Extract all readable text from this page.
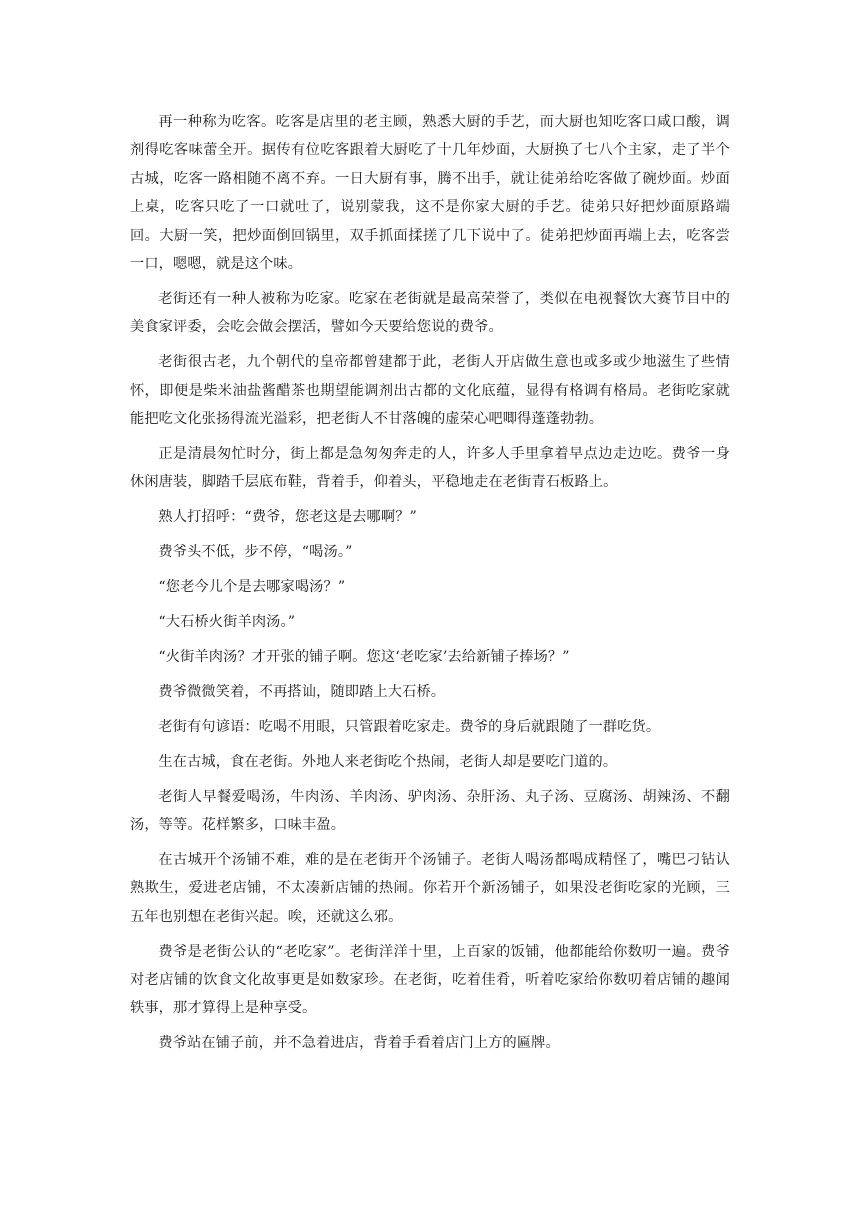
再一种称为吃客。吃客是店里的老主顾，熟悉大厨的手艺，而大厨也知吃客口咸口酸，调剂得吃客味蕾全开。据传有位吃客跟着大厨吃了十几年炒面，大厨换了七八个主家，走了半个古城，吃客一路相随不离不弃。一日大厨有事，腾不出手，就让徒弟给吃客做了碗炒面。炒面上桌，吃客只吃了一口就吐了，说别蒙我，这不是你家大厨的手艺。徒弟只好把炒面原路端回。大厨一笑，把炒面倒回锅里，双手抓面揉搓了几下说中了。徒弟把炒面再端上去，吃客尝一口，嗯嗯，就是这个味。

老街还有一种人被称为吃家。吃家在老街就是最高荣誉了，类似在电视餐饮大赛节目中的美食家评委，会吃会做会摆活，譬如今天要给您说的费爷。

老街很古老，九个朝代的皇帝都曾建都于此，老街人开店做生意也或多或少地滋生了些情怀，即便是柴米油盐酱醋茶也期望能调剂出古都的文化底蕴，显得有格调有格局。老街吃家就能把吃文化张扬得流光溢彩，把老街人不甘落魄的虚荣心吧唧得蓬蓬勃勃。

正是清晨匆忙时分，街上都是急匆匆奔走的人，许多人手里拿着早点边走边吃。费爷一身休闲唐装，脚踏千层底布鞋，背着手，仰着头，平稳地走在老街青石板路上。

熟人打招呼：“费爷，您老这是去哪啊？”

费爷头不低，步不停，“喝汤。”

“您老今儿个是去哪家喝汤？”

“大石桥火街羊肉汤。”

“火街羊肉汤？才开张的铺子啊。您这‘老吃家’去给新铺子捧场？”

费爷微微笑着，不再搭讪，随即踏上大石桥。

老街有句谚语：吃喝不用眼，只管跟着吃家走。费爷的身后就跟随了一群吃货。

生在古城，食在老街。外地人来老街吃个热闹，老街人却是要吃门道的。

老街人早餐爱喝汤，牛肉汤、羊肉汤、驴肉汤、杂肝汤、丸子汤、豆腐汤、胡辣汤、不翻汤，等等。花样繁多，口味丰盈。

在古城开个汤铺不难，难的是在老街开个汤铺子。老街人喝汤都喝成精怪了，嘴巴刁钻认熟欺生，爱进老店铺，不太凑新店铺的热闹。你若开个新汤铺子，如果没老街吃家的光顾，三五年也别想在老街兴起。唉，还就这么邪。

费爷是老街公认的“老吃家”。老街洋洋十里，上百家的饭铺，他都能给你数叨一遍。费爷对老店铺的饮食文化故事更是如数家珍。在老街，吃着佳肴，听着吃家给你数叨着店铺的趣闻轶事，那才算得上是种享受。

费爷站在铺子前，并不急着进店，背着手看着店门上方的匾牌。
